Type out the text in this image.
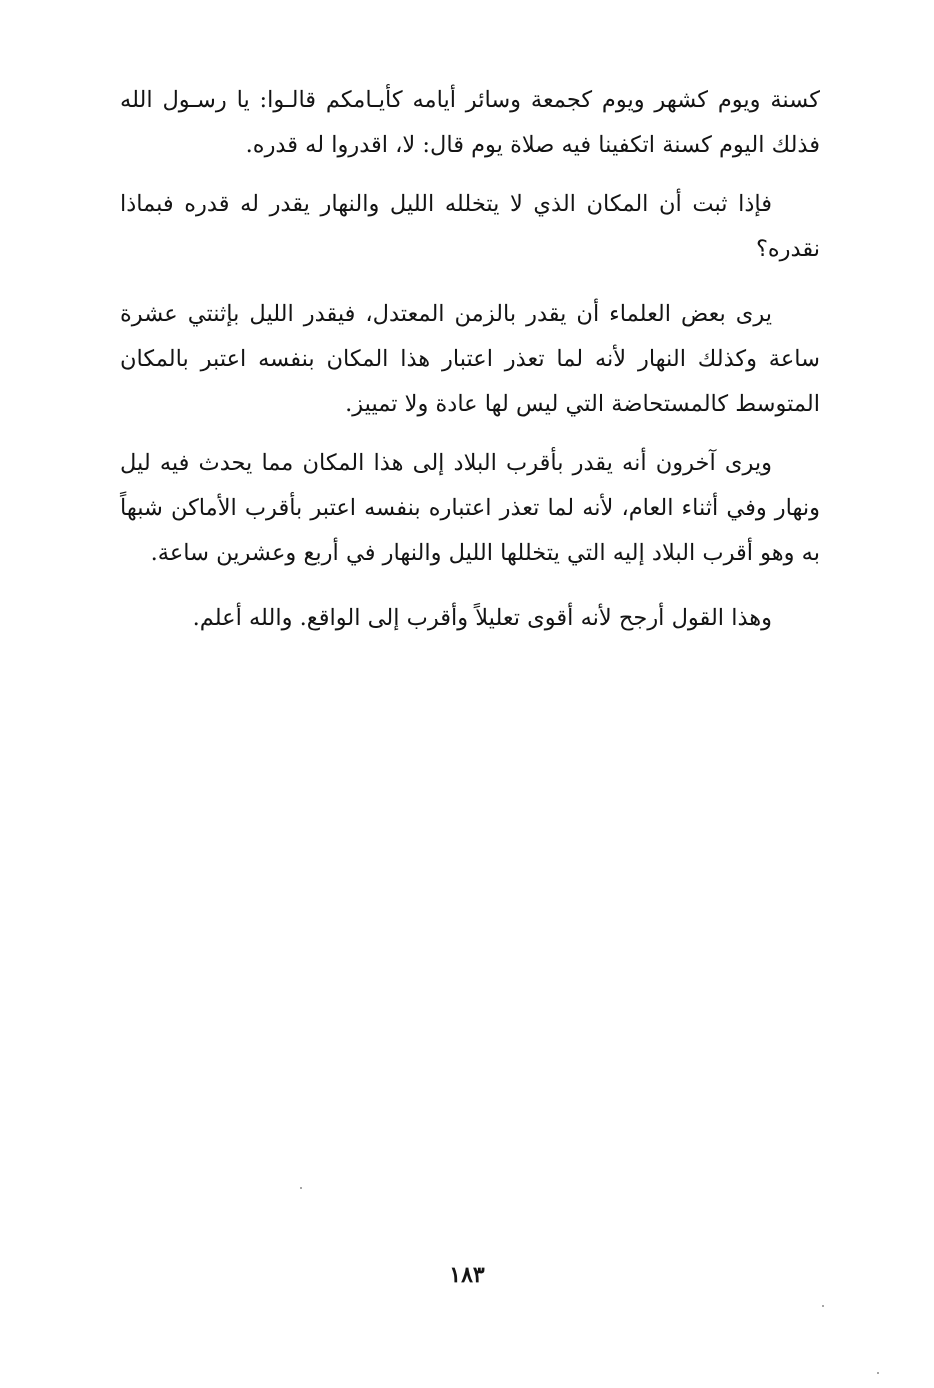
كسنة ويوم كشهر ويوم كجمعة وسائر أيامه كأيـامكم قالـوا: يا رسـول الله فذلك اليوم كسنة اتكفينا فيه صلاة يوم قال: لا، اقدروا له قدره.

فإذا ثبت أن المكان الذي لا يتخلله الليل والنهار يقدر له قدره فبماذا نقدره؟

يرى بعض العلماء أن يقدر بالزمن المعتدل، فيقدر الليل بإثنتي عشرة ساعة وكذلك النهار لأنه لما تعذر اعتبار هذا المكان بنفسه اعتبر بالمكان المتوسط كالمستحاضة التي ليس لها عادة ولا تمييز.

ويرى آخرون أنه يقدر بأقرب البلاد إلى هذا المكان مما يحدث فيه ليل ونهار وفي أثناء العام، لأنه لما تعذر اعتباره بنفسه اعتبر بأقرب الأماكن شبهاً به وهو أقرب البلاد إليه التي يتخللها الليل والنهار في أربع وعشرين ساعة.

وهذا القول أرجح لأنه أقوى تعليلاً وأقرب إلى الواقع. والله أعلم.

١٨٣
